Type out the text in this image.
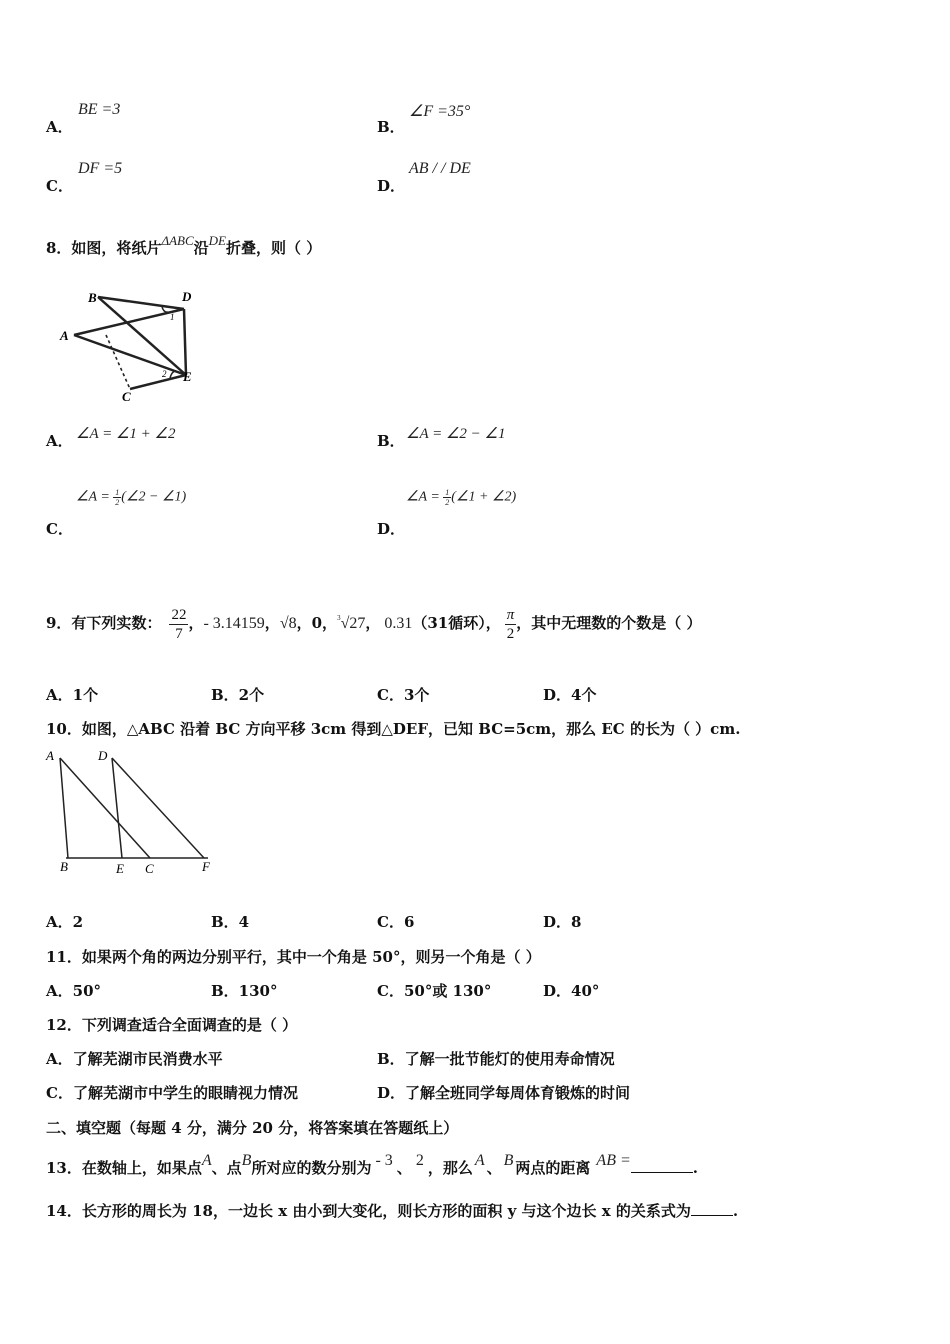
A．
BE =3
B．
∠F =35°
C．
DF =5
D．
AB / / DE
8．如图，将纸片ΔABC沿DE折叠，则（ ）
B	D
A
C
E
1
2
A． ∠A = ∠1 + ∠2	B． ∠A = ∠2 − ∠1
C．
∠A = $\frac{1}{2}$ (∠2 − ∠1)
D．
∠A = $\frac{1}{2}$ (∠1 + ∠2)
9．有下列实数： $\frac{22}{7}$ ，- 3.14159，√8，0，$^3$√27， 0.31（31循环）， $\frac{\pi}{2}$ ，其中无理数的个数是（ ）
A．1个	B．2个	C．3个	D．4个
10．如图，△ABC 沿着 BC 方向平移 3cm 得到△DEF，已知 BC=5cm，那么 EC 的长为（ ）cm.
A	D
B	E C	F
A．2	B．4	C．6	D．8
11．如果两个角的两边分别平行，其中一个角是 50°，则另一个角是（ ）
A．50°	B．130°	C．50°或 130°	D．40°
12．下列调查适合全面调查的是（ ）
A．了解芜湖市民消费水平	B．了解一批节能灯的使用寿命情况
C．了解芜湖市中学生的眼睛视力情况	D．了解全班同学每周体育锻炼的时间
二、填空题（每题 4 分，满分 20 分，将答案填在答题纸上）
13．在数轴上，如果点A、点B所对应的数分别为 - 3 、 2 ，那么 A 、 B 两点的距离 AB =	.
14．长方形的周长为 18，一边长 x 由小到大变化，则长方形的面积 y 与这个边长 x 的关系式为	.
